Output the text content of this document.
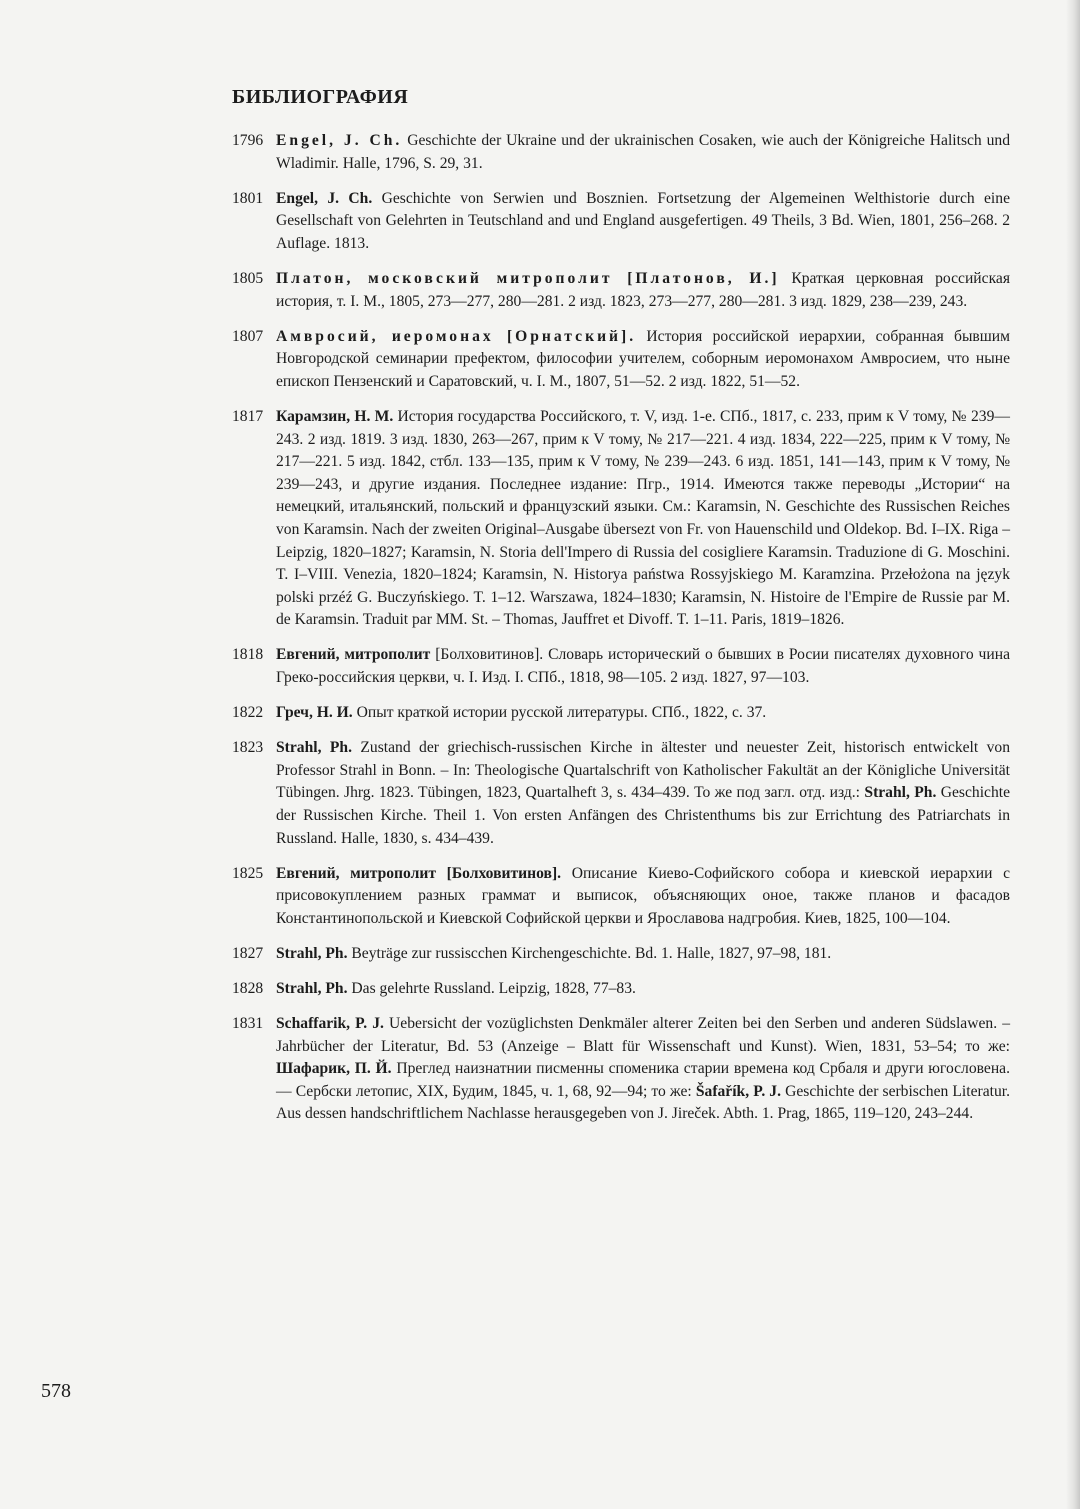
БИБЛИОГРАФИЯ

1796 Engel, J. Ch. Geschichte der Ukraine und der ukrainischen Cosaken, wie auch der Königreiche Halitsch und Wladimir. Halle, 1796, S. 29, 31.

1801 Engel, J. Ch. Geschichte von Serwien und Bosznien. Fortsetzung der Algemeinen Welthistorie durch eine Gesellschaft von Gelehrten in Teutschland and und England ausgefertigen. 49 Theils, 3 Bd. Wien, 1801, 256–268. 2 Auflage. 1813.

1805 Платон, московский митрополит [Платонов, И.] Краткая церковная российская история, т. I. М., 1805, 273—277, 280—281. 2 изд. 1823, 273—277, 280—281. 3 изд. 1829, 238—239, 243.

1807 Амвросий, иеромонах [Орнатский]. История российской иерархии, собранная бывшим Новгородской семинарии префектом, философии учителем, соборным иеромонахом Амвросием, что ныне епископ Пензенский и Саратовский, ч. I. М., 1807, 51—52. 2 изд. 1822, 51—52.

1817 Карамзин, Н. М. История государства Российского, т. V, изд. 1-е. СПб., 1817, с. 233, прим к V тому, № 239—243. 2 изд. 1819. 3 изд. 1830, 263—267, прим к V тому, № 217—221. 4 изд. 1834, 222—225, прим к V тому, № 217—221. 5 изд. 1842, стбл. 133—135, прим к V тому, № 239—243. 6 изд. 1851, 141—143, прим к V тому, № 239—243, и другие издания. Последнее издание: Пгр., 1914. Имеются также переводы „Истории“ на немецкий, итальянский, польский и французский языки. См.: Karamsin, N. Geschichte des Russischen Reiches von Karamsin. Nach der zweiten Original–Ausgabe übersezt von Fr. von Hauenschild und Oldekop. Bd. I–IX. Riga – Leipzig, 1820–1827; Karamsin, N. Storia dell'Impero di Russia del cosigliere Karamsin. Traduzione di G. Moschini. T. I–VIII. Venezia, 1820–1824; Karamsin, N. Historya państwa Rossyjskiego M. Karamzina. Przełożona na język polski przéź G. Buczyńskiego. T. 1–12. Warszawa, 1824–1830; Karamsin, N. Histoire de l'Empire de Russie par M. de Karamsin. Traduit par MM. St. – Thomas, Jauffret et Divoff. T. 1–11. Paris, 1819–1826.

1818 Евгений, митрополит [Болховитинов]. Словарь исторический о бывших в Росии писателях духовного чина Греко-российския церкви, ч. I. Изд. I. СПб., 1818, 98—105. 2 изд. 1827, 97—103.

1822 Греч, Н. И. Опыт краткой истории русской литературы. СПб., 1822, с. 37.

1823 Strahl, Ph. Zustand der griechisch-russischen Kirche in ältester und neuester Zeit, historisch entwickelt von Professor Strahl in Bonn. – In: Theologische Quartalschrift von Katholischer Fakultät an der Königliche Universität Tübingen. Jhrg. 1823. Tübingen, 1823, Quartalheft 3, s. 434–439. То же под загл. отд. изд.: Strahl, Ph. Geschichte der Russischen Kirche. Theil 1. Von ersten Anfängen des Christenthums bis zur Errichtung des Patriarchats in Russland. Halle, 1830, s. 434–439.

1825 Евгений, митрополит [Болховитинов]. Описание Киево-Софийского собора и киевской иерархии с присовокуплением разных граммат и выписок, объясняющих оное, также планов и фасадов Константинопольской и Киевской Софийской церкви и Ярославова надгробия. Киев, 1825, 100—104.

1827 Strahl, Ph. Beyträge zur russiscchen Kirchengeschichte. Bd. 1. Halle, 1827, 97–98, 181.

1828 Strahl, Ph. Das gelehrte Russland. Leipzig, 1828, 77–83.

1831 Schaffarik, P. J. Uebersicht der vozüglichsten Denkmäler alterer Zeiten bei den Serben und anderen Südslawen. – Jahrbücher der Literatur, Bd. 53 (Anzeige – Blatt für Wissenschaft und Kunst). Wien, 1831, 53–54; то же: Шафарик, П. Й. Преглед наизнатнии писменны споменика старии времена код Србаля и други югословена. — Сербски летопис, XIX, Будим, 1845, ч. 1, 68, 92—94; то же: Šafařík, P. J. Geschichte der serbischen Literatur. Aus dessen handschriftlichem Nachlasse herausgegeben von J. Jireček. Abth. 1. Prag, 1865, 119–120, 243–244.

578
